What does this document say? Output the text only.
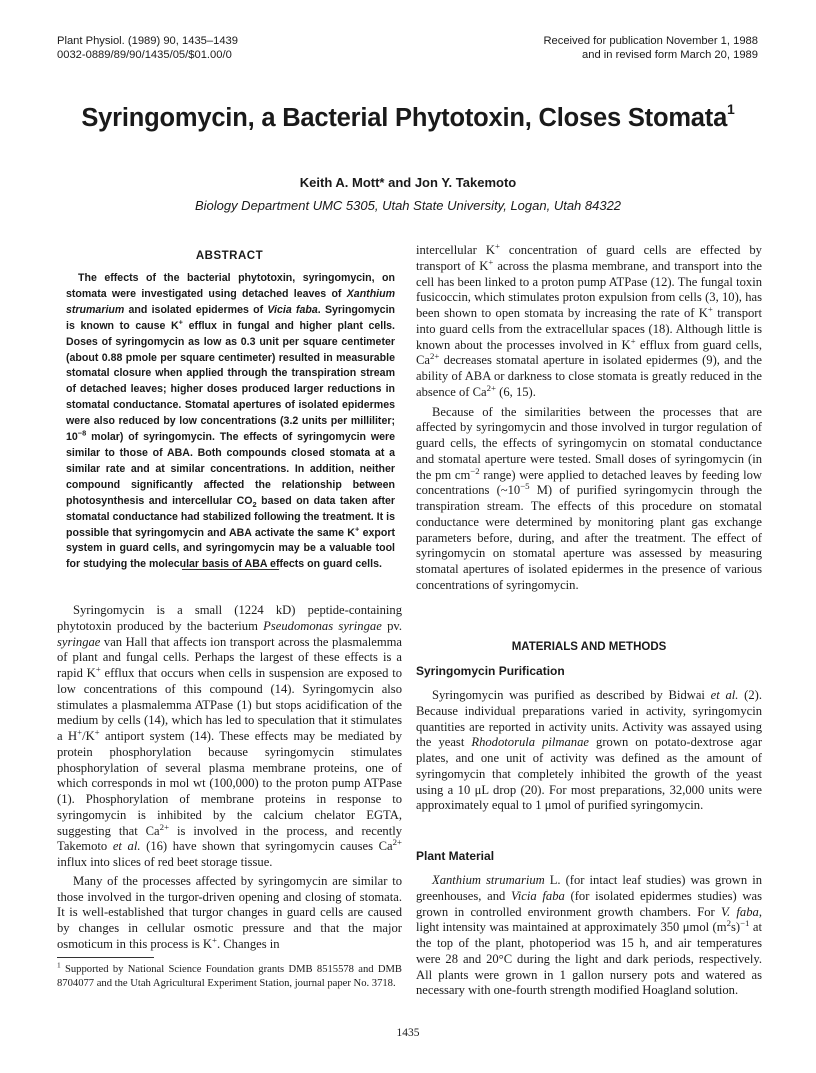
Plant Physiol. (1989) 90, 1435–1439
0032-0889/89/90/1435/05/$01.00/0
Received for publication November 1, 1988
and in revised form March 20, 1989
Syringomycin, a Bacterial Phytotoxin, Closes Stomata$^1$
Keith A. Mott* and Jon Y. Takemoto
Biology Department UMC 5305, Utah State University, Logan, Utah 84322
ABSTRACT
The effects of the bacterial phytotoxin, syringomycin, on stomata were investigated using detached leaves of Xanthium strumarium and isolated epidermes of Vicia faba. Syringomycin is known to cause K+ efflux in fungal and higher plant cells. Doses of syringomycin as low as 0.3 unit per square centimeter (about 0.88 pmole per square centimeter) resulted in measurable stomatal closure when applied through the transpiration stream of detached leaves; higher doses produced larger reductions in stomatal conductance. Stomatal apertures of isolated epidermes were also reduced by low concentrations (3.2 units per milliliter; $10^{-8}$ molar) of syringomycin. The effects of syringomycin were similar to those of ABA. Both compounds closed stomata at a similar rate and at similar concentrations. In addition, neither compound significantly affected the relationship between photosynthesis and intercellular $CO_2$ based on data taken after stomatal conductance had stabilized following the treatment. It is possible that syringomycin and ABA activate the same K+ export system in guard cells, and syringomycin may be a valuable tool for studying the molecular basis of ABA effects on guard cells.

Syringomycin is a small (1224 kD) peptide-containing phytotoxin produced by the bacterium Pseudomonas syringae pv. syringae van Hall that affects ion transport across the plasmalemma of plant and fungal cells. Perhaps the largest of these effects is a rapid K+ efflux that occurs when cells in suspension are exposed to low concentrations of this compound (14). Syringomycin also stimulates a plasmalemma ATPase (1) but stops acidification of the medium by cells (14), which has led to speculation that it stimulates a H+/K+ antiport system (14). These effects may be mediated by protein phosphorylation because syringomycin stimulates phosphorylation of several plasma membrane proteins, one of which corresponds in mol wt (100,000) to the proton pump ATPase (1). Phosphorylation of membrane proteins in response to syringomycin is inhibited by the calcium chelator EGTA, suggesting that $Ca^{2+}$ is involved in the process, and recently Takemoto et al. (16) have shown that syringomycin causes $Ca^{2+}$ influx into slices of red beet storage tissue.

Many of the processes affected by syringomycin are similar to those involved in the turgor-driven opening and closing of stomata. It is well-established that turgor changes in guard cells are caused by changes in cellular osmotic pressure and that the major osmoticum in this process is K+. Changes in

intercellular K+ concentration of guard cells are effected by transport of K+ across the plasma membrane, and transport into the cell has been linked to a proton pump ATPase (12). The fungal toxin fusicoccin, which stimulates proton expulsion from cells (3, 10), has been shown to open stomata by increasing the rate of K+ transport into guard cells from the extracellular spaces (18). Although little is known about the processes involved in K+ efflux from guard cells, $Ca^{2+}$ decreases stomatal aperture in isolated epidermes (9), and the ability of ABA or darkness to close stomata is greatly reduced in the absence of $Ca^{2+}$ (6, 15).

Because of the similarities between the processes that are affected by syringomycin and those involved in turgor regulation of guard cells, the effects of syringomycin on stomatal conductance and stomatal aperture were tested. Small doses of syringomycin (in the pm $cm^{-2}$ range) were applied to detached leaves by feeding low concentrations ($\sim 10^{-5}$ M) of purified syringomycin through the transpiration stream. The effects of this procedure on stomatal conductance were determined by monitoring plant gas exchange parameters before, during, and after the treatment. The effect of syringomycin on stomatal aperture was assessed by measuring stomatal apertures of isolated epidermes in the presence of various concentrations of syringomycin.

MATERIALS AND METHODS
Syringomycin Purification

Syringomycin was purified as described by Bidwai et al. (2). Because individual preparations varied in activity, syringomycin quantities are reported in activity units. Activity was assayed using the yeast Rhodotorula pilmanae grown on potato-dextrose agar plates, and one unit of activity was defined as the amount of syringomycin that completely inhibited the growth of the yeast using a 10 μL drop (20). For most preparations, 32,000 units were approximately equal to 1 μmol of purified syringomycin.

Plant Material

Xanthium strumarium L. (for intact leaf studies) was grown in greenhouses, and Vicia faba (for isolated epidermes studies) was grown in controlled environment growth chambers. For V. faba, light intensity was maintained at approximately 350 μmol $(m^2s)^{-1}$ at the top of the plant, photoperiod was 15 h, and air temperatures were 28 and 20°C during the light and dark periods, respectively. All plants were grown in 1 gallon nursery pots and watered as necessary with one-fourth strength modified Hoagland solution.

$^1$ Supported by National Science Foundation grants DMB 8515578 and DMB 8704077 and the Utah Agricultural Experiment Station, journal paper No. 3718.
1435
